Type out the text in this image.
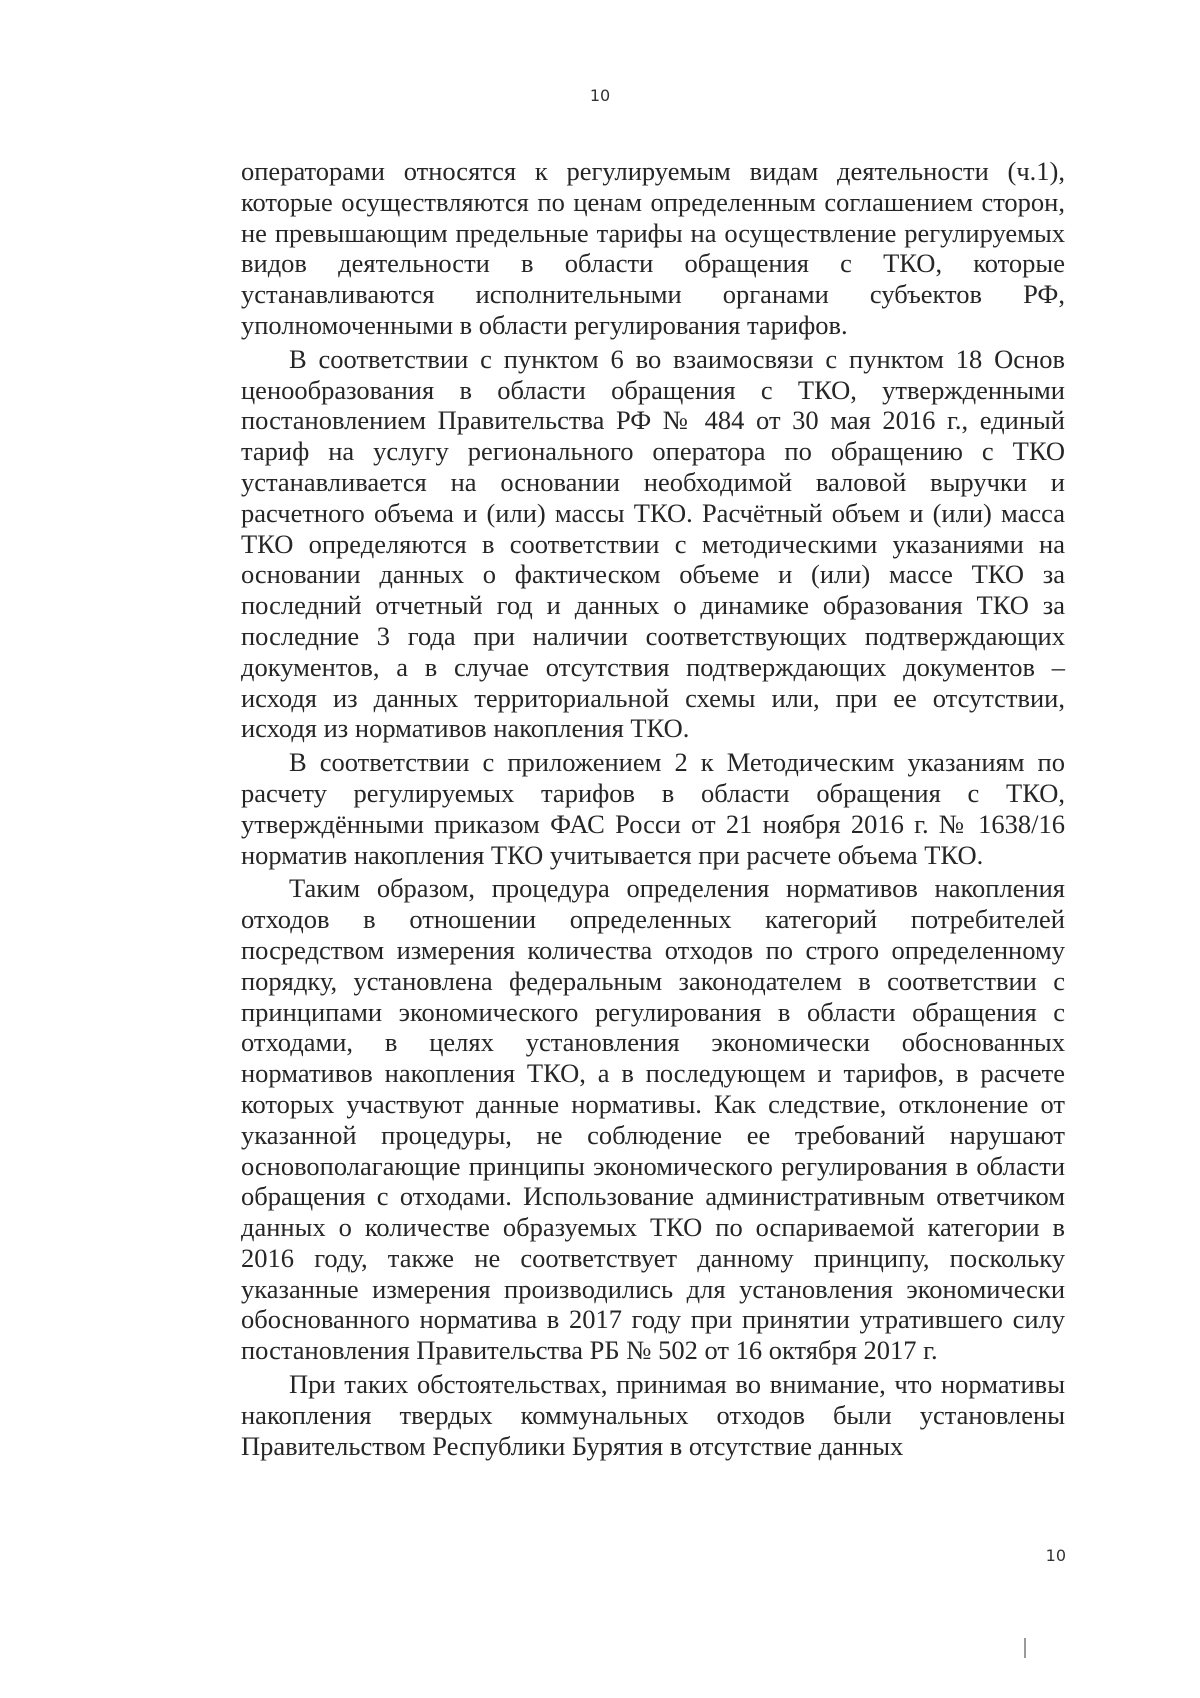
10

операторами относятся к регулируемым видам деятельности (ч.1), которые осуществляются по ценам определенным соглашением сторон, не превышающим предельные тарифы на осуществление регулируемых видов деятельности в области обращения с ТКО, которые устанавливаются исполнительными органами субъектов РФ, уполномоченными в области регулирования тарифов.

В соответствии с пунктом 6 во взаимосвязи с пунктом 18 Основ ценообразования в области обращения с ТКО, утвержденными постановлением Правительства РФ № 484 от 30 мая 2016 г., единый тариф на услугу регионального оператора по обращению с ТКО устанавливается на основании необходимой валовой выручки и расчетного объема и (или) массы ТКО. Расчётный объем и (или) масса ТКО определяются в соответствии с методическими указаниями на основании данных о фактическом объеме и (или) массе ТКО за последний отчетный год и данных о динамике образования ТКО за последние 3 года при наличии соответствующих подтверждающих документов, а в случае отсутствия подтверждающих документов – исходя из данных территориальной схемы или, при ее отсутствии, исходя из нормативов накопления ТКО.

В соответствии с приложением 2 к Методическим указаниям по расчету регулируемых тарифов в области обращения с ТКО, утверждёнными приказом ФАС Росси от 21 ноября 2016 г. № 1638/16 норматив накопления ТКО учитывается при расчете объема ТКО.

Таким образом, процедура определения нормативов накопления отходов в отношении определенных категорий потребителей посредством измерения количества отходов по строго определенному порядку, установлена федеральным законодателем в соответствии с принципами экономического регулирования в области обращения с отходами, в целях установления экономически обоснованных нормативов накопления ТКО, а в последующем и тарифов, в расчете которых участвуют данные нормативы. Как следствие, отклонение от указанной процедуры, не соблюдение ее требований нарушают основополагающие принципы экономического регулирования в области обращения с отходами. Использование административным ответчиком данных о количестве образуемых ТКО по оспариваемой категории в 2016 году, также не соответствует данному принципу, поскольку указанные измерения производились для установления экономически обоснованного норматива в 2017 году при принятии утратившего силу постановления Правительства РБ № 502 от 16 октября 2017 г.

При таких обстоятельствах, принимая во внимание, что нормативы накопления твердых коммунальных отходов были установлены Правительством Республики Бурятия в отсутствие данных

10
